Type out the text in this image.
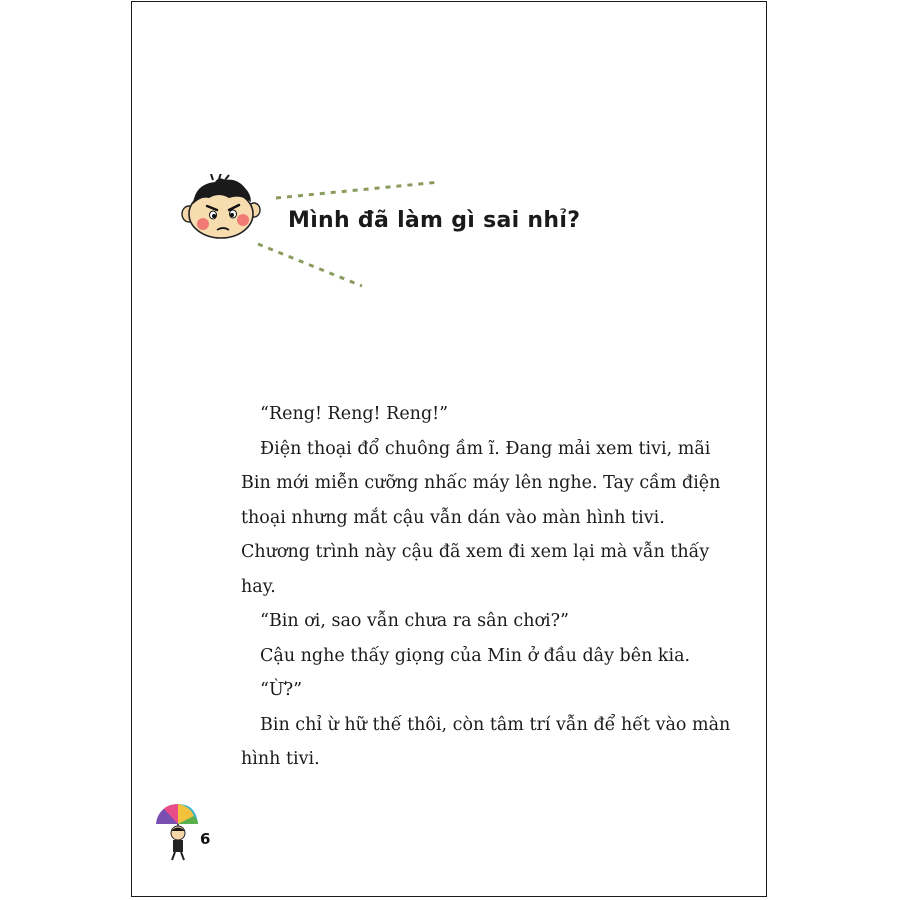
Mình đã làm gì sai nhỉ?

“Reng! Reng! Reng!”

Điện thoại đổ chuông ầm ĩ. Đang mải xem tivi, mãi Bin mới miễn cưỡng nhấc máy lên nghe. Tay cầm điện thoại nhưng mắt cậu vẫn dán vào màn hình tivi. Chương trình này cậu đã xem đi xem lại mà vẫn thấy hay.

“Bin ơi, sao vẫn chưa ra sân chơi?”

Cậu nghe thấy giọng của Min ở đầu dây bên kia.

“Ừ?”

Bin chỉ ừ hữ thế thôi, còn tâm trí vẫn để hết vào màn hình tivi.

6
